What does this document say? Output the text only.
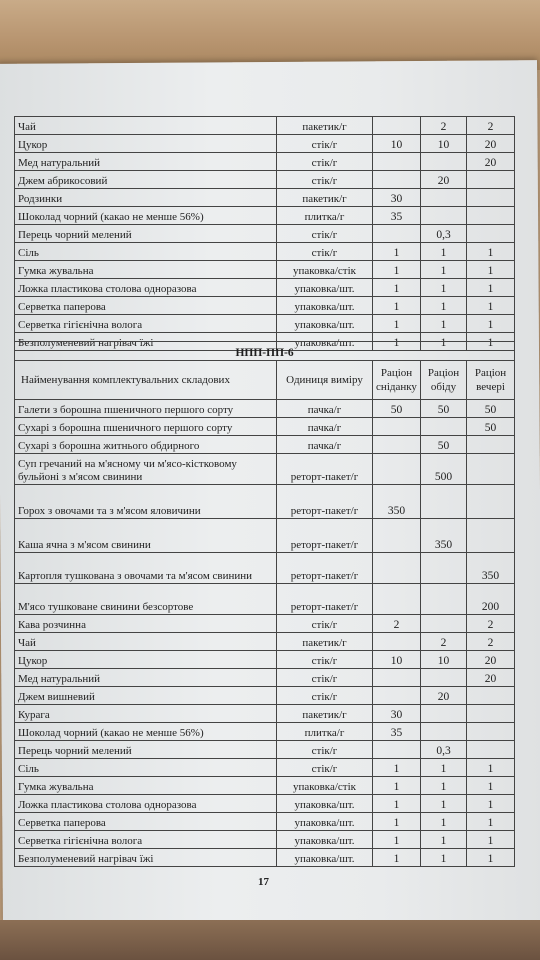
Чай	пакетик/г		2	2
Цукор	стік/г	10	10	20
Мед натуральний	стік/г			20
Джем абрикосовий	стік/г		20	
Родзинки	пакетик/г	30		
Шоколад чорний (какао не менше 56%)	плитка/г	35		
Перець чорний мелений	стік/г		0,3	
Сіль	стік/г	1	1	1
Гумка жувальна	упаковка/стік	1	1	1
Ложка пластикова столова одноразова	упаковка/шт.	1	1	1
Серветка паперова	упаковка/шт.	1	1	1
Серветка гігієнічна волога	упаковка/шт.	1	1	1
Безполуменевий нагрівач їжі	упаковка/шт.	1	1	1
НПП-ПП-6				
Найменування комплектувальних складових	Одиниця виміру	Раціон сніданку	Раціон обіду	Раціон вечері
Галети з борошна пшеничного першого сорту	пачка/г	50	50	50
Сухарі з борошна пшеничного першого сорту	пачка/г			50
Сухарі з борошна житнього обдирного	пачка/г		50	
Суп гречаний на м'ясному чи м'ясо-кістковому бульйоні з м'ясом свинини	реторт-пакет/г		500	
Горох з овочами та з м'ясом яловичини	реторт-пакет/г	350		
Каша ячна з м'ясом свинини	реторт-пакет/г		350	
Картопля тушкована з овочами та м'ясом свинини	реторт-пакет/г			350
М'ясо тушковане свинини безсортове	реторт-пакет/г			200
Кава розчинна	стік/г	2		2
Чай	пакетик/г		2	2
Цукор	стік/г	10	10	20
Мед натуральний	стік/г			20
Джем вишневий	стік/г		20	
Курага	пакетик/г	30		
Шоколад чорний (какао не менше 56%)	плитка/г	35		
Перець чорний мелений	стік/г		0,3	
Сіль	стік/г	1	1	1
Гумка жувальна	упаковка/стік	1	1	1
Ложка пластикова столова одноразова	упаковка/шт.	1	1	1
Серветка паперова	упаковка/шт.	1	1	1
Серветка гігієнічна волога	упаковка/шт.	1	1	1
Безполуменевий нагрівач їжі	упаковка/шт.	1	1	1
17
